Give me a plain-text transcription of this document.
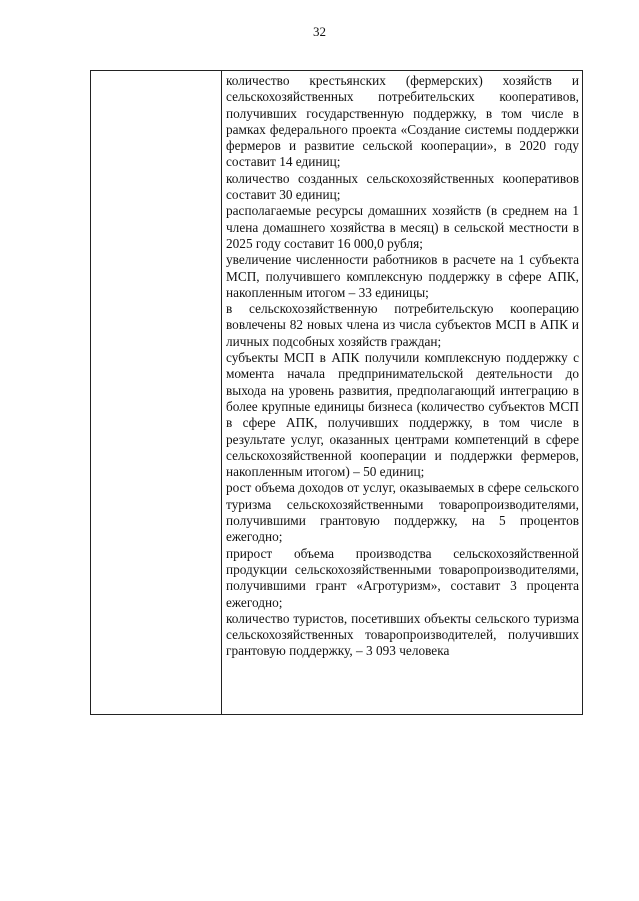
32

количество крестьянских (фермерских) хозяйств и сельскохозяйственных потребительских кооперативов, получивших государственную поддержку, в том числе в рамках федерального проекта «Создание системы поддержки фермеров и развитие сельской кооперации», в 2020 году составит 14 единиц;

количество созданных сельскохозяйственных кооперативов составит 30 единиц;

располагаемые ресурсы домашних хозяйств (в среднем на 1 члена домашнего хозяйства в месяц) в сельской местности в 2025 году составит 16 000,0 рубля;

увеличение численности работников в расчете на 1 субъекта МСП, получившего комплексную поддержку в сфере АПК, накопленным итогом – 33 единицы;

в сельскохозяйственную потребительскую кооперацию вовлечены 82 новых члена из числа субъектов МСП в АПК и личных подсобных хозяйств граждан;

субъекты МСП в АПК получили комплексную поддержку с момента начала предпринимательской деятельности до выхода на уровень развития, предполагающий интеграцию в более крупные единицы бизнеса (количество субъектов МСП в сфере АПК, получивших поддержку, в том числе в результате услуг, оказанных центрами компетенций в сфере сельскохозяйственной кооперации и поддержки фермеров, накопленным итогом) – 50 единиц;

рост объема доходов от услуг, оказываемых в сфере сельского туризма сельскохозяйственными товаропроизводителями, получившими грантовую поддержку, на 5 процентов ежегодно;

прирост объема производства сельскохозяйственной продукции сельскохозяйственными товаропроизводителями, получившими грант «Агротуризм», составит 3 процента ежегодно;

количество туристов, посетивших объекты сельского туризма сельскохозяйственных товаропроизводителей, получивших грантовую поддержку, – 3 093 человека
